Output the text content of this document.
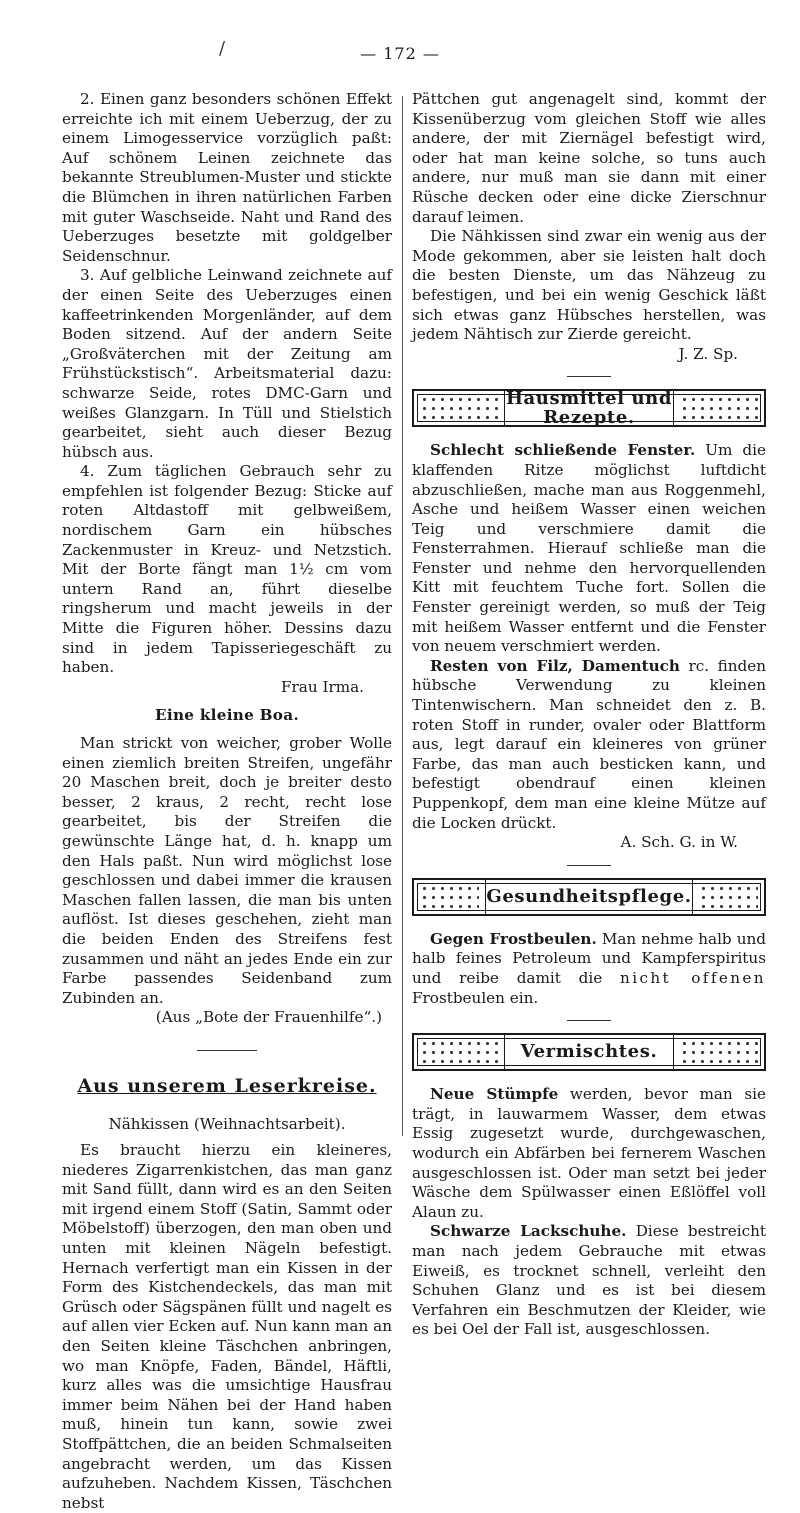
/	— 172 —

2. Einen ganz besonders schönen Effekt erreichte ich mit einem Ueberzug, der zu einem Limogesservice vorzüglich paßt: Auf schönem Leinen zeichnete das bekannte Streublumen-Muster und stickte die Blümchen in ihren natürlichen Farben mit guter Waschseide. Naht und Rand des Ueberzuges besetzte mit goldgelber Seidenschnur.

3. Auf gelbliche Leinwand zeichnete auf der einen Seite des Ueberzuges einen kaffeetrinkenden Morgenländer, auf dem Boden sitzend. Auf der andern Seite „Großväterchen mit der Zeitung am Frühstückstisch“. Arbeitsmaterial dazu: schwarze Seide, rotes DMC-Garn und weißes Glanzgarn. In Tüll und Stielstich gearbeitet, sieht auch dieser Bezug hübsch aus.

4. Zum täglichen Gebrauch sehr zu empfehlen ist folgender Bezug: Sticke auf roten Altdastoff mit gelbweißem, nordischem Garn ein hübsches Zackenmuster in Kreuz- und Netzstich. Mit der Borte fängt man 1½ cm vom untern Rand an, führt dieselbe ringsherum und macht jeweils in der Mitte die Figuren höher. Dessins dazu sind in jedem Tapisseriegeschäft zu haben.

Frau Irma.
Eine kleine Boa.

Man strickt von weicher, grober Wolle einen ziemlich breiten Streifen, ungefähr 20 Maschen breit, doch je breiter desto besser, 2 kraus, 2 recht, recht lose gearbeitet, bis der Streifen die gewünschte Länge hat, d. h. knapp um den Hals paßt. Nun wird möglichst lose geschlossen und dabei immer die krausen Maschen fallen lassen, die man bis unten auflöst. Ist dieses geschehen, zieht man die beiden Enden des Streifens fest zusammen und näht an jedes Ende ein zur Farbe passendes Seidenband zum Zubinden an.

(Aus „Bote der Frauenhilfe“.)
Aus unserem Leserkreise.
Nähkissen (Weihnachtsarbeit).

Es braucht hierzu ein kleineres, niederes Zigarrenkistchen, das man ganz mit Sand füllt, dann wird es an den Seiten mit irgend einem Stoff (Satin, Sammt oder Möbelstoff) überzogen, den man oben und unten mit kleinen Nägeln befestigt. Hernach verfertigt man ein Kissen in der Form des Kistchendeckels, das man mit Grüsch oder Sägspänen füllt und nagelt es auf allen vier Ecken auf. Nun kann man an den Seiten kleine Täschchen anbringen, wo man Knöpfe, Faden, Bändel, Häftli, kurz alles was die umsichtige Hausfrau immer beim Nähen bei der Hand haben muß, hinein tun kann, sowie zwei Stoffpättchen, die an beiden Schmalseiten angebracht werden, um das Kissen aufzuheben. Nachdem Kissen, Täschchen nebst

Pättchen gut angenagelt sind, kommt der Kissenüberzug vom gleichen Stoff wie alles andere, der mit Ziernägel befestigt wird, oder hat man keine solche, so tuns auch andere, nur muß man sie dann mit einer Rüsche decken oder eine dicke Zierschnur darauf leimen.

Die Nähkissen sind zwar ein wenig aus der Mode gekommen, aber sie leisten halt doch die besten Dienste, um das Nähzeug zu befestigen, und bei ein wenig Geschick läßt sich etwas ganz Hübsches herstellen, was jedem Nähtisch zur Zierde gereicht.

J. Z. Sp.
Hausmittel und Rezepte.

Schlecht schließende Fenster. Um die klaffenden Ritze möglichst luftdicht abzuschließen, mache man aus Roggenmehl, Asche und heißem Wasser einen weichen Teig und verschmiere damit die Fensterrahmen. Hierauf schließe man die Fenster und nehme den hervorquellenden Kitt mit feuchtem Tuche fort. Sollen die Fenster gereinigt werden, so muß der Teig mit heißem Wasser entfernt und die Fenster von neuem verschmiert werden.

Resten von Filz, Damentuch rc. finden hübsche Verwendung zu kleinen Tintenwischern. Man schneidet den z. B. roten Stoff in runder, ovaler oder Blattform aus, legt darauf ein kleineres von grüner Farbe, das man auch besticken kann, und befestigt obendrauf einen kleinen Puppenkopf, dem man eine kleine Mütze auf die Locken drückt.

A. Sch. G. in W.
Gesundheitspflege.

Gegen Frostbeulen. Man nehme halb und halb feines Petroleum und Kampferspiritus und reibe damit die nicht offenen Frostbeulen ein.

Vermischtes.

Neue Stümpfe werden, bevor man sie trägt, in lauwarmem Wasser, dem etwas Essig zugesetzt wurde, durchgewaschen, wodurch ein Abfärben bei fernerem Waschen ausgeschlossen ist. Oder man setzt bei jeder Wäsche dem Spülwasser einen Eßlöffel voll Alaun zu.

Schwarze Lackschuhe. Diese bestreicht man nach jedem Gebrauche mit etwas Eiweiß, es trocknet schnell, verleiht den Schuhen Glanz und es ist bei diesem Verfahren ein Beschmutzen der Kleider, wie es bei Oel der Fall ist, ausgeschlossen.
